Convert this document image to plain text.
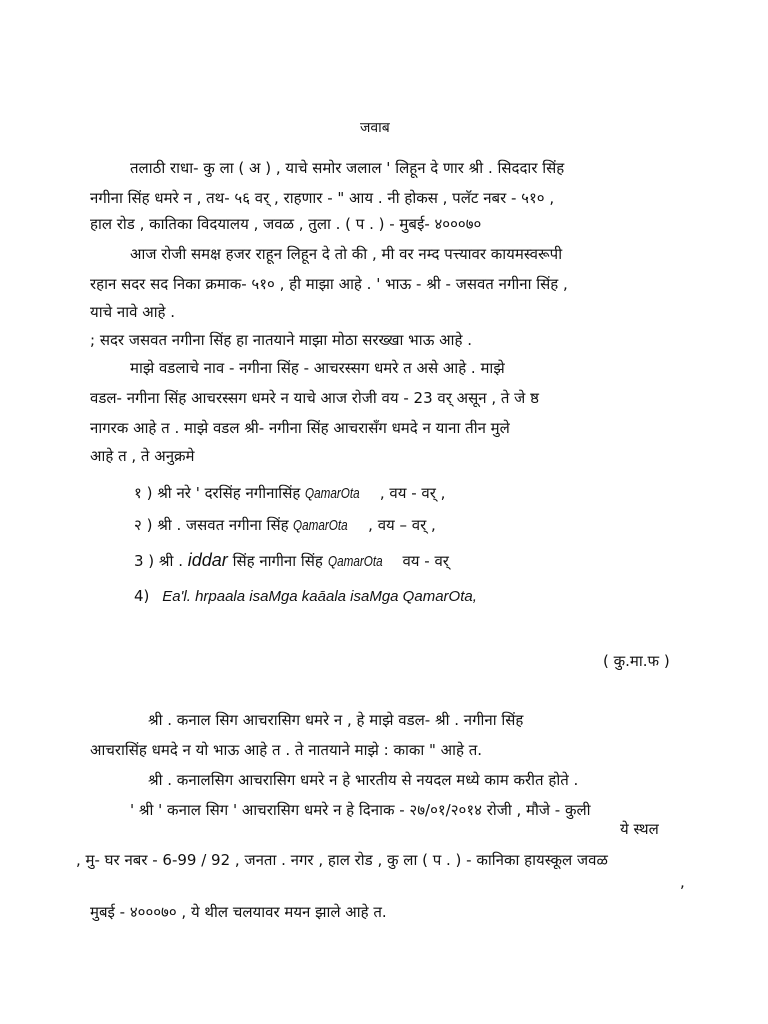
जवाब
तलाठी राधा- कु ला ( अ ) , याचे समोर जलाल ' लिहून दे णार श्री . सिददार सिंह
नगीना सिंह धमरे न , तथ- ५६ वर् , राहणार - " आय . नी होकस , पलॅट नबर - ५१० ,
हाल रोड , कातिका विदयालय , जवळ , तुला . ( प . ) - मुबई- ४०००७०
आज रोजी समक्ष हजर राहून लिहून दे तो की , मी वर नम्द पत्त्यावर कायमस्वरूपी
रहान सदर सद निका क्रमाक- ५१० , ही माझा आहे . ' भाऊ - श्री - जसवत नगीना सिंह ,
याचे नावे आहे .
; सदर जसवत नगीना सिंह हा नातयाने माझा मोठा सरख्खा भाऊ आहे .
माझे वडलाचे नाव - नगीना सिंह - आचरस्सग धमरे त असे आहे . माझे
वडल- नगीना सिंह आचरस्सग धमरे न याचे आज रोजी वय - 23 वर् असून , ते जे ष्ठ
नागरक आहे त . माझे वडल श्री- नगीना सिंह आचरासँग धमदे न याना तीन मुले
आहे त , ते अनुक्रमे
१ ) श्री नरे ' दरसिंह नगीनासिंह QamarOta , वय - वर् ,
२ ) श्री . जसवत नगीना सिंह QamarOta , वय – वर् ,
3 ) श्री . iddar सिंह नागीना सिंह QamarOta वय - वर्
4) Ea'l. hrpaala isaMga kaāala isaMga QamarOta,
( कु.मा.फ )
श्री . कनाल सिग आचरासिग धमरे न , हे माझे वडल- श्री . नगीना सिंह
आचरासिंह धमदे न यो भाऊ आहे त . ते नातयाने माझे : काका " आहे त.
श्री . कनालसिग आचरासिग धमरे न हे भारतीय से नयदल मध्ये काम करीत होते .
' श्री ' कनाल सिग ' आचरासिग धमरे न हे दिनाक - २७/०१/२०१४ रोजी , मौजे - कुली
ये स्थल
, मु- घर नबर - 6-99 / 92 , जनता . नगर , हाल रोड , कु ला ( प . ) - कानिका हायस्कूल जवळ
,
मुबई - ४०००७० , ये थील चलयावर मयन झाले आहे त.
